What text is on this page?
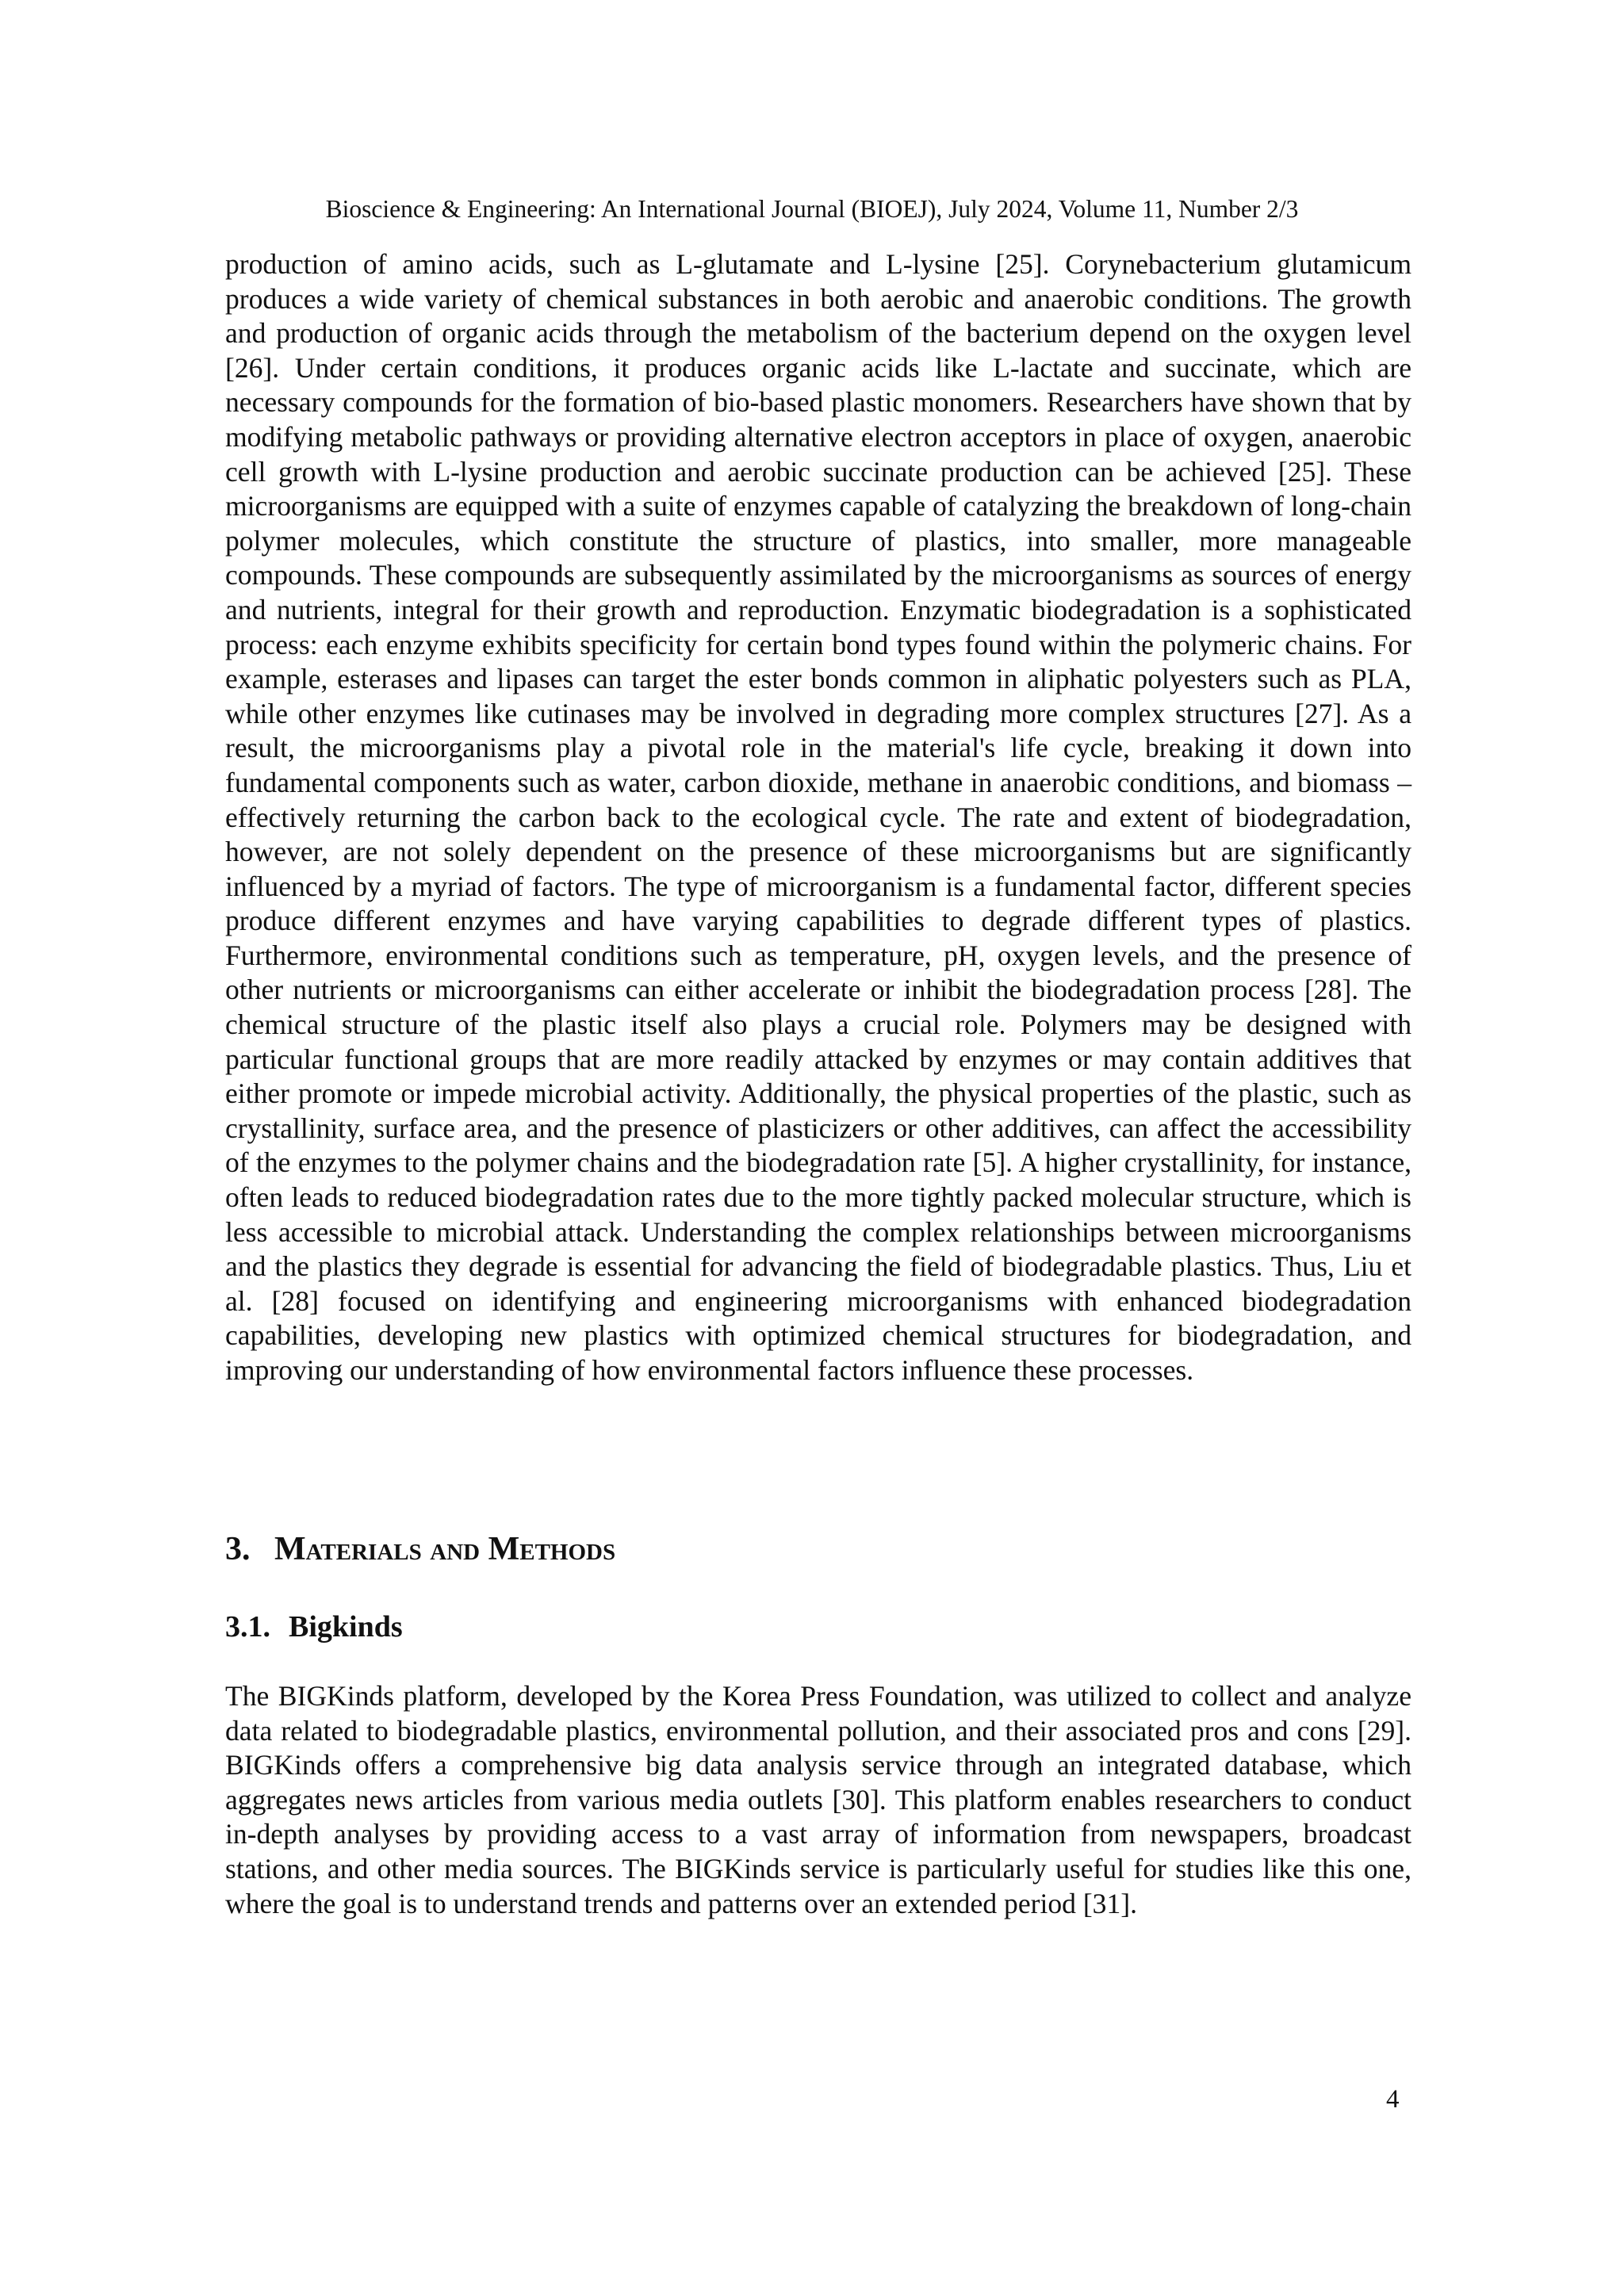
Bioscience & Engineering: An International Journal (BIOEJ), July 2024, Volume 11, Number 2/3

production of amino acids, such as L-glutamate and L-lysine [25]. Corynebacterium glutamicum produces a wide variety of chemical substances in both aerobic and anaerobic conditions. The growth and production of organic acids through the metabolism of the bacterium depend on the oxygen level [26]. Under certain conditions, it produces organic acids like L-lactate and succinate, which are necessary compounds for the formation of bio-based plastic monomers. Researchers have shown that by modifying metabolic pathways or providing alternative electron acceptors in place of oxygen, anaerobic cell growth with L-lysine production and aerobic succinate production can be achieved [25]. These microorganisms are equipped with a suite of enzymes capable of catalyzing the breakdown of long-chain polymer molecules, which constitute the structure of plastics, into smaller, more manageable compounds. These compounds are subsequently assimilated by the microorganisms as sources of energy and nutrients, integral for their growth and reproduction. Enzymatic biodegradation is a sophisticated process: each enzyme exhibits specificity for certain bond types found within the polymeric chains. For example, esterases and lipases can target the ester bonds common in aliphatic polyesters such as PLA, while other enzymes like cutinases may be involved in degrading more complex structures [27]. As a result, the microorganisms play a pivotal role in the material's life cycle, breaking it down into fundamental components such as water, carbon dioxide, methane in anaerobic conditions, and biomass – effectively returning the carbon back to the ecological cycle. The rate and extent of biodegradation, however, are not solely dependent on the presence of these microorganisms but are significantly influenced by a myriad of factors. The type of microorganism is a fundamental factor, different species produce different enzymes and have varying capabilities to degrade different types of plastics. Furthermore, environmental conditions such as temperature, pH, oxygen levels, and the presence of other nutrients or microorganisms can either accelerate or inhibit the biodegradation process [28]. The chemical structure of the plastic itself also plays a crucial role. Polymers may be designed with particular functional groups that are more readily attacked by enzymes or may contain additives that either promote or impede microbial activity. Additionally, the physical properties of the plastic, such as crystallinity, surface area, and the presence of plasticizers or other additives, can affect the accessibility of the enzymes to the polymer chains and the biodegradation rate [5]. A higher crystallinity, for instance, often leads to reduced biodegradation rates due to the more tightly packed molecular structure, which is less accessible to microbial attack. Understanding the complex relationships between microorganisms and the plastics they degrade is essential for advancing the field of biodegradable plastics. Thus, Liu et al. [28] focused on identifying and engineering microorganisms with enhanced biodegradation capabilities, developing new plastics with optimized chemical structures for biodegradation, and improving our understanding of how environmental factors influence these processes.

3. Materials and Methods
3.1. Bigkinds

The BIGKinds platform, developed by the Korea Press Foundation, was utilized to collect and analyze data related to biodegradable plastics, environmental pollution, and their associated pros and cons [29]. BIGKinds offers a comprehensive big data analysis service through an integrated database, which aggregates news articles from various media outlets [30]. This platform enables researchers to conduct in-depth analyses by providing access to a vast array of information from newspapers, broadcast stations, and other media sources. The BIGKinds service is particularly useful for studies like this one, where the goal is to understand trends and patterns over an extended period [31].

4
